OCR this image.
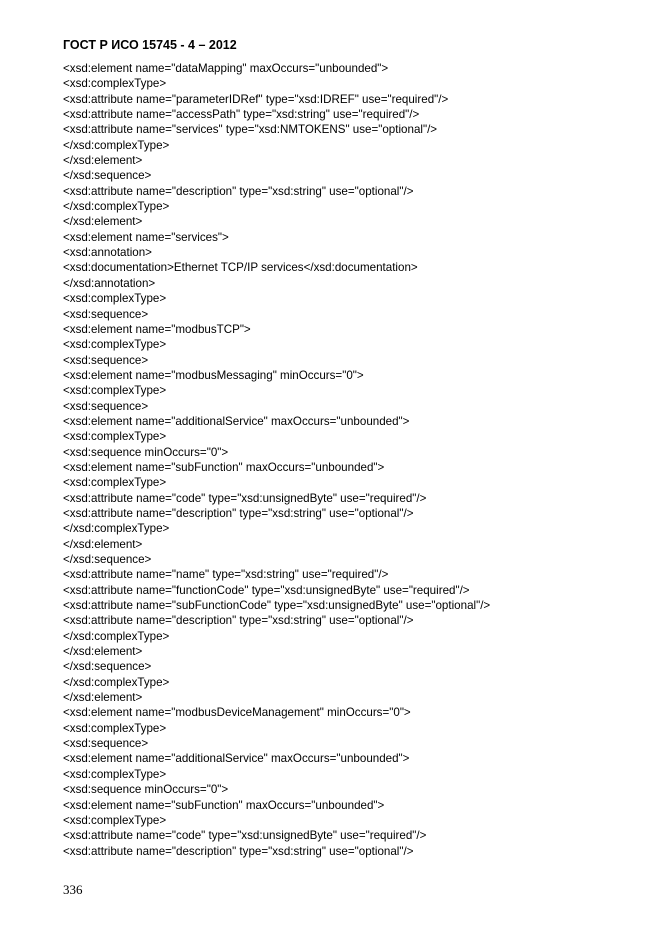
ГОСТ Р ИСО 15745 - 4 – 2012
<xsd:element name="dataMapping" maxOccurs="unbounded">
<xsd:complexType>
<xsd:attribute name="parameterIDRef" type="xsd:IDREF" use="required"/>
<xsd:attribute name="accessPath" type="xsd:string" use="required"/>
<xsd:attribute name="services" type="xsd:NMTOKENS" use="optional"/>
</xsd:complexType>
</xsd:element>
</xsd:sequence>
<xsd:attribute name="description" type="xsd:string" use="optional"/>
</xsd:complexType>
</xsd:element>
<xsd:element name="services">
<xsd:annotation>
<xsd:documentation>Ethernet TCP/IP services</xsd:documentation>
</xsd:annotation>
<xsd:complexType>
<xsd:sequence>
<xsd:element name="modbusTCP">
<xsd:complexType>
<xsd:sequence>
<xsd:element name="modbusMessaging" minOccurs="0">
<xsd:complexType>
<xsd:sequence>
<xsd:element name="additionalService" maxOccurs="unbounded">
<xsd:complexType>
<xsd:sequence minOccurs="0">
<xsd:element name="subFunction" maxOccurs="unbounded">
<xsd:complexType>
<xsd:attribute name="code" type="xsd:unsignedByte" use="required"/>
<xsd:attribute name="description" type="xsd:string" use="optional"/>
</xsd:complexType>
</xsd:element>
</xsd:sequence>
<xsd:attribute name="name" type="xsd:string" use="required"/>
<xsd:attribute name="functionCode" type="xsd:unsignedByte" use="required"/>
<xsd:attribute name="subFunctionCode" type="xsd:unsignedByte" use="optional"/>
<xsd:attribute name="description" type="xsd:string" use="optional"/>
</xsd:complexType>
</xsd:element>
</xsd:sequence>
</xsd:complexType>
</xsd:element>
<xsd:element name="modbusDeviceManagement" minOccurs="0">
<xsd:complexType>
<xsd:sequence>
<xsd:element name="additionalService" maxOccurs="unbounded">
<xsd:complexType>
<xsd:sequence minOccurs="0">
<xsd:element name="subFunction" maxOccurs="unbounded">
<xsd:complexType>
<xsd:attribute name="code" type="xsd:unsignedByte" use="required"/>
<xsd:attribute name="description" type="xsd:string" use="optional"/>
336
